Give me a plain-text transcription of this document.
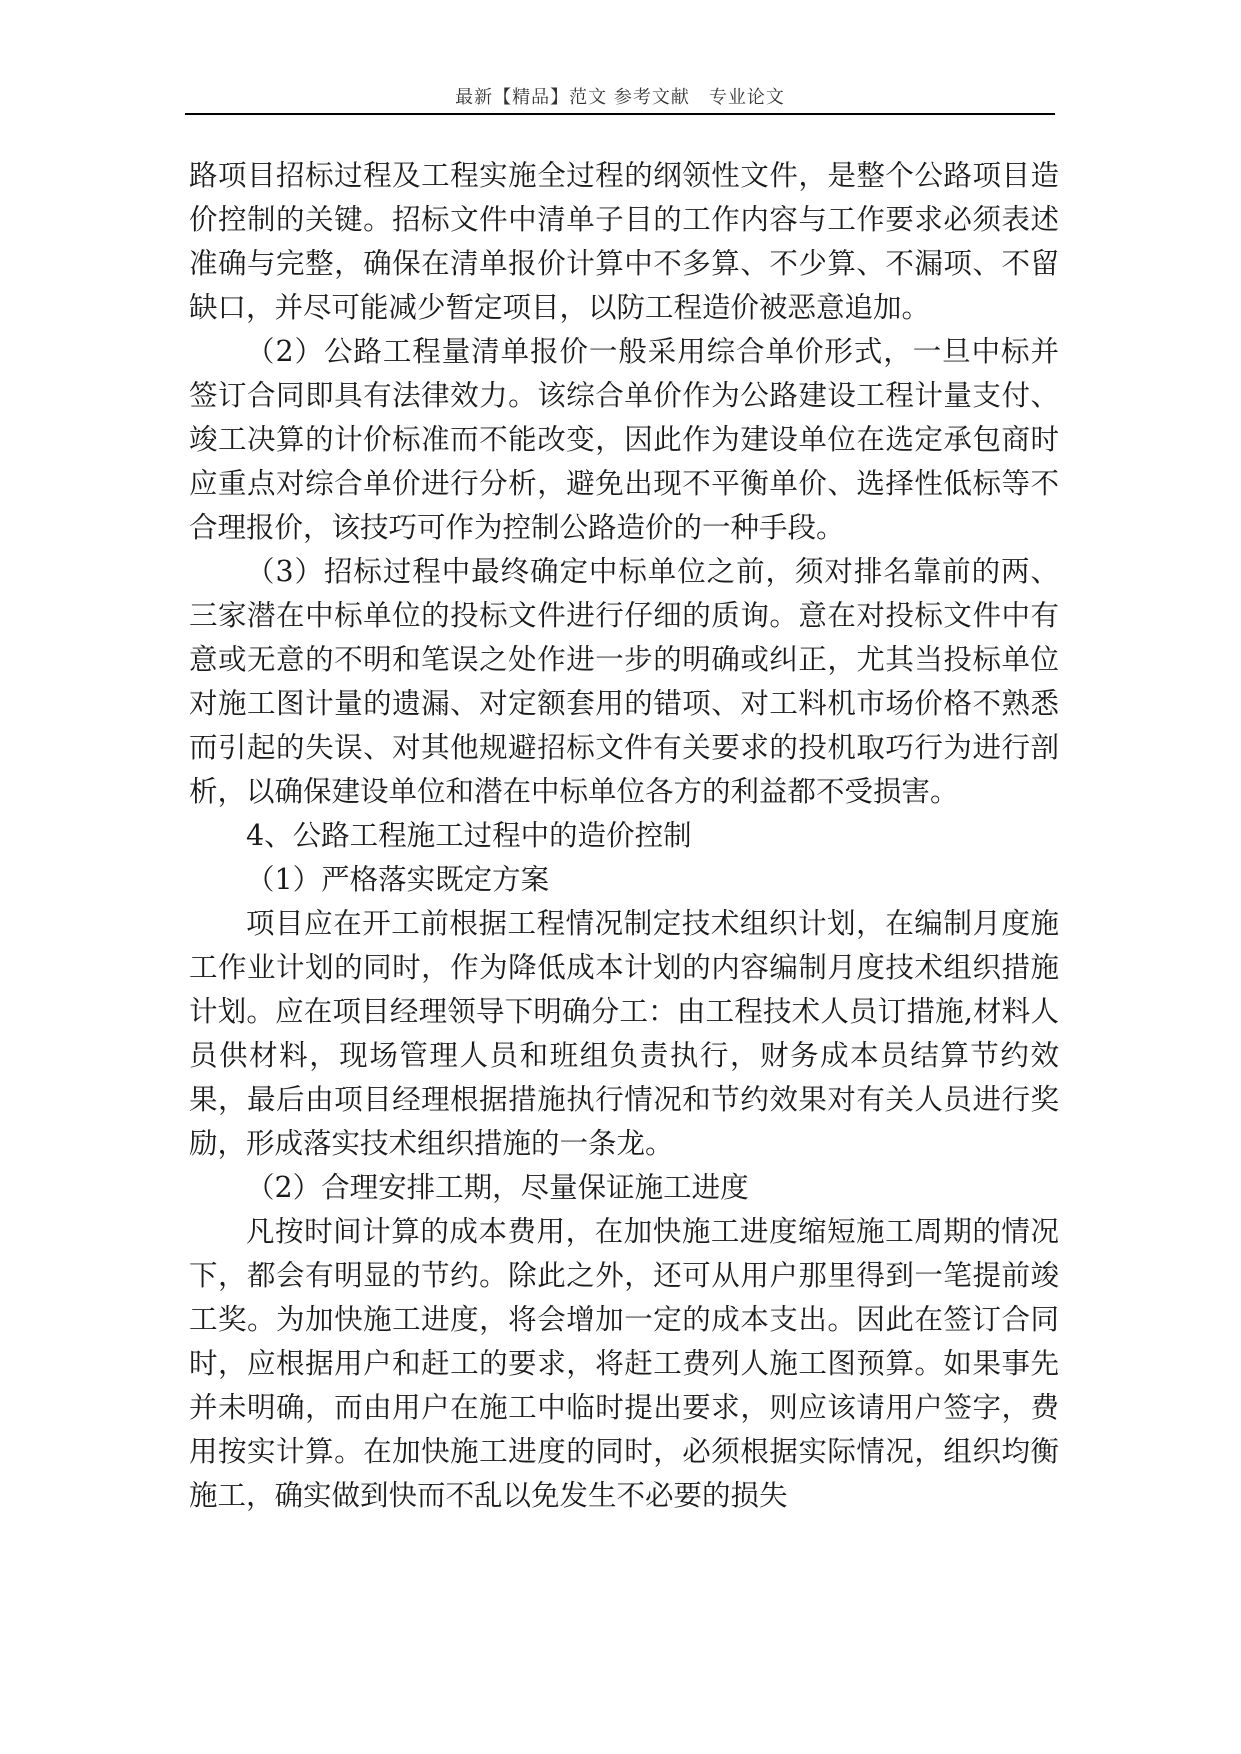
最新【精品】范文 参考文献　专业论文

路项目招标过程及工程实施全过程的纲领性文件，是整个公路项目造价控制的关键。招标文件中清单子目的工作内容与工作要求必须表述准确与完整，确保在清单报价计算中不多算、不少算、不漏项、不留缺口，并尽可能减少暂定项目，以防工程造价被恶意追加。

（2）公路工程量清单报价一般采用综合单价形式，一旦中标并签订合同即具有法律效力。该综合单价作为公路建设工程计量支付、竣工决算的计价标准而不能改变，因此作为建设单位在选定承包商时应重点对综合单价进行分析，避免出现不平衡单价、选择性低标等不合理报价，该技巧可作为控制公路造价的一种手段。

（3）招标过程中最终确定中标单位之前，须对排名靠前的两、三家潜在中标单位的投标文件进行仔细的质询。意在对投标文件中有意或无意的不明和笔误之处作进一步的明确或纠正，尤其当投标单位对施工图计量的遗漏、对定额套用的错项、对工料机市场价格不熟悉而引起的失误、对其他规避招标文件有关要求的投机取巧行为进行剖析，以确保建设单位和潜在中标单位各方的利益都不受损害。

4、公路工程施工过程中的造价控制

（1）严格落实既定方案

项目应在开工前根据工程情况制定技术组织计划，在编制月度施工作业计划的同时，作为降低成本计划的内容编制月度技术组织措施计划。应在项目经理领导下明确分工：由工程技术人员订措施,材料人员供材料，现场管理人员和班组负责执行，财务成本员结算节约效果，最后由项目经理根据措施执行情况和节约效果对有关人员进行奖励，形成落实技术组织措施的一条龙。

（2）合理安排工期，尽量保证施工进度

凡按时间计算的成本费用，在加快施工进度缩短施工周期的情况下，都会有明显的节约。除此之外，还可从用户那里得到一笔提前竣工奖。为加快施工进度，将会增加一定的成本支出。因此在签订合同时，应根据用户和赶工的要求，将赶工费列人施工图预算。如果事先并未明确，而由用户在施工中临时提出要求，则应该请用户签字，费用按实计算。在加快施工进度的同时，必须根据实际情况，组织均衡施工，确实做到快而不乱以免发生不必要的损失
